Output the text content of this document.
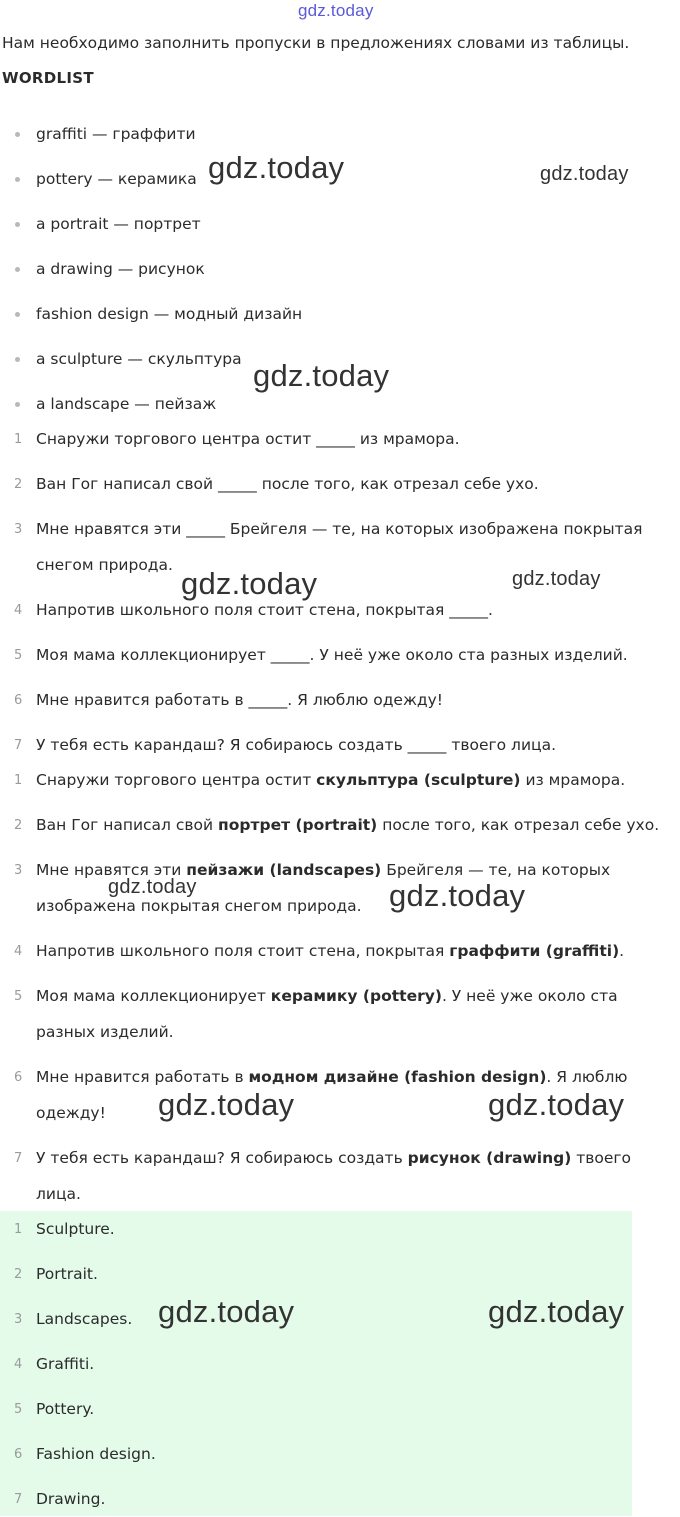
gdz.today
Нам необходимо заполнить пропуски в предложениях словами из таблицы.
WORDLIST
graffiti — граффити
pottery — керамика
a portrait — портрет
a drawing — рисунок
fashion design — модный дизайн
a sculpture — скульптура
a landscape — пейзаж
1 Снаружи торгового центра остит _____ из мрамора.
2 Ван Гог написал свой _____ после того, как отрезал себе ухо.
3 Мне нравятся эти _____ Брейгеля — те, на которых изображена покрытая снегом природа.
4 Напротив школьного поля стоит стена, покрытая _____.
5 Моя мама коллекционирует _____. У неё уже около ста разных изделий.
6 Мне нравится работать в _____. Я люблю одежду!
7 У тебя есть карандаш? Я собираюсь создать _____ твоего лица.
1 Снаружи торгового центра остит скульптура (sculpture) из мрамора.
2 Ван Гог написал свой портрет (portrait) после того, как отрезал себе ухо.
3 Мне нравятся эти пейзажи (landscapes) Брейгеля — те, на которых изображена покрытая снегом природа.
4 Напротив школьного поля стоит стена, покрытая граффити (graffiti).
5 Моя мама коллекционирует керамику (pottery). У неё уже около ста разных изделий.
6 Мне нравится работать в модном дизайне (fashion design). Я люблю одежду!
7 У тебя есть карандаш? Я собираюсь создать рисунок (drawing) твоего лица.
1 Sculpture.
2 Portrait.
3 Landscapes.
4 Graffiti.
5 Pottery.
6 Fashion design.
7 Drawing.
gdz.today	gdz.today
gdz.today
gdz.today	gdz.today
gdz.today	gdz.today
gdz.today	gdz.today
gdz.today	gdz.today
